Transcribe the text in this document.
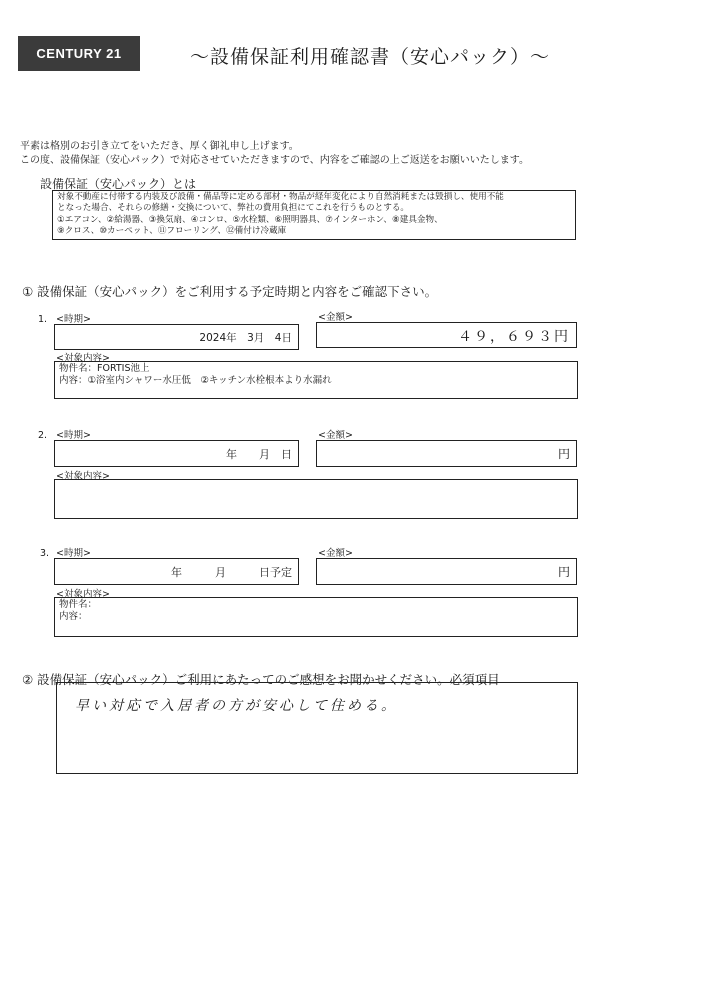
CENTURY 21	～設備保証利用確認書（安心パック）～
平素は格別のお引き立てをいただき、厚く御礼申し上げます。
この度、設備保証（安心パック）で対応させていただきますので、内容をご確認の上ご返送をお願いいたします。
設備保証（安心パック）とは
対象不動産に付帯する内装及び設備・備品等に定める部材・物品が経年変化により自然消耗または毀損し、使用不能
となった場合、それらの修繕・交換について、弊社の費用負担にてこれを行うものとする。
①エアコン、②給湯器、③換気扇、④コンロ、⑤水栓類、⑥照明器具、⑦インターホン、⑧建具金物、
⑨クロス、⑩カーペット、⑪フローリング、⑫備付け冷蔵庫
① 設備保証（安心パック）をご利用する予定時期と内容をご確認下さい。
1. <時期>
2024年　3月　4日
<金額>
４９，６９３円
<対象内容>
物件名：FORTIS池上
内容：①浴室内シャワー水圧低　②キッチン水栓根本より水漏れ
2. <時期>
年　　月　日
<金額>
円
<対象内容>
3. <時期>
年　　　月　　　日予定
<金額>
円
<対象内容>
物件名：
内容：
② 設備保証（安心パック）ご利用にあたってのご感想をお聞かせください。必須項目
早い対応で入居者の方が安心して住める。
